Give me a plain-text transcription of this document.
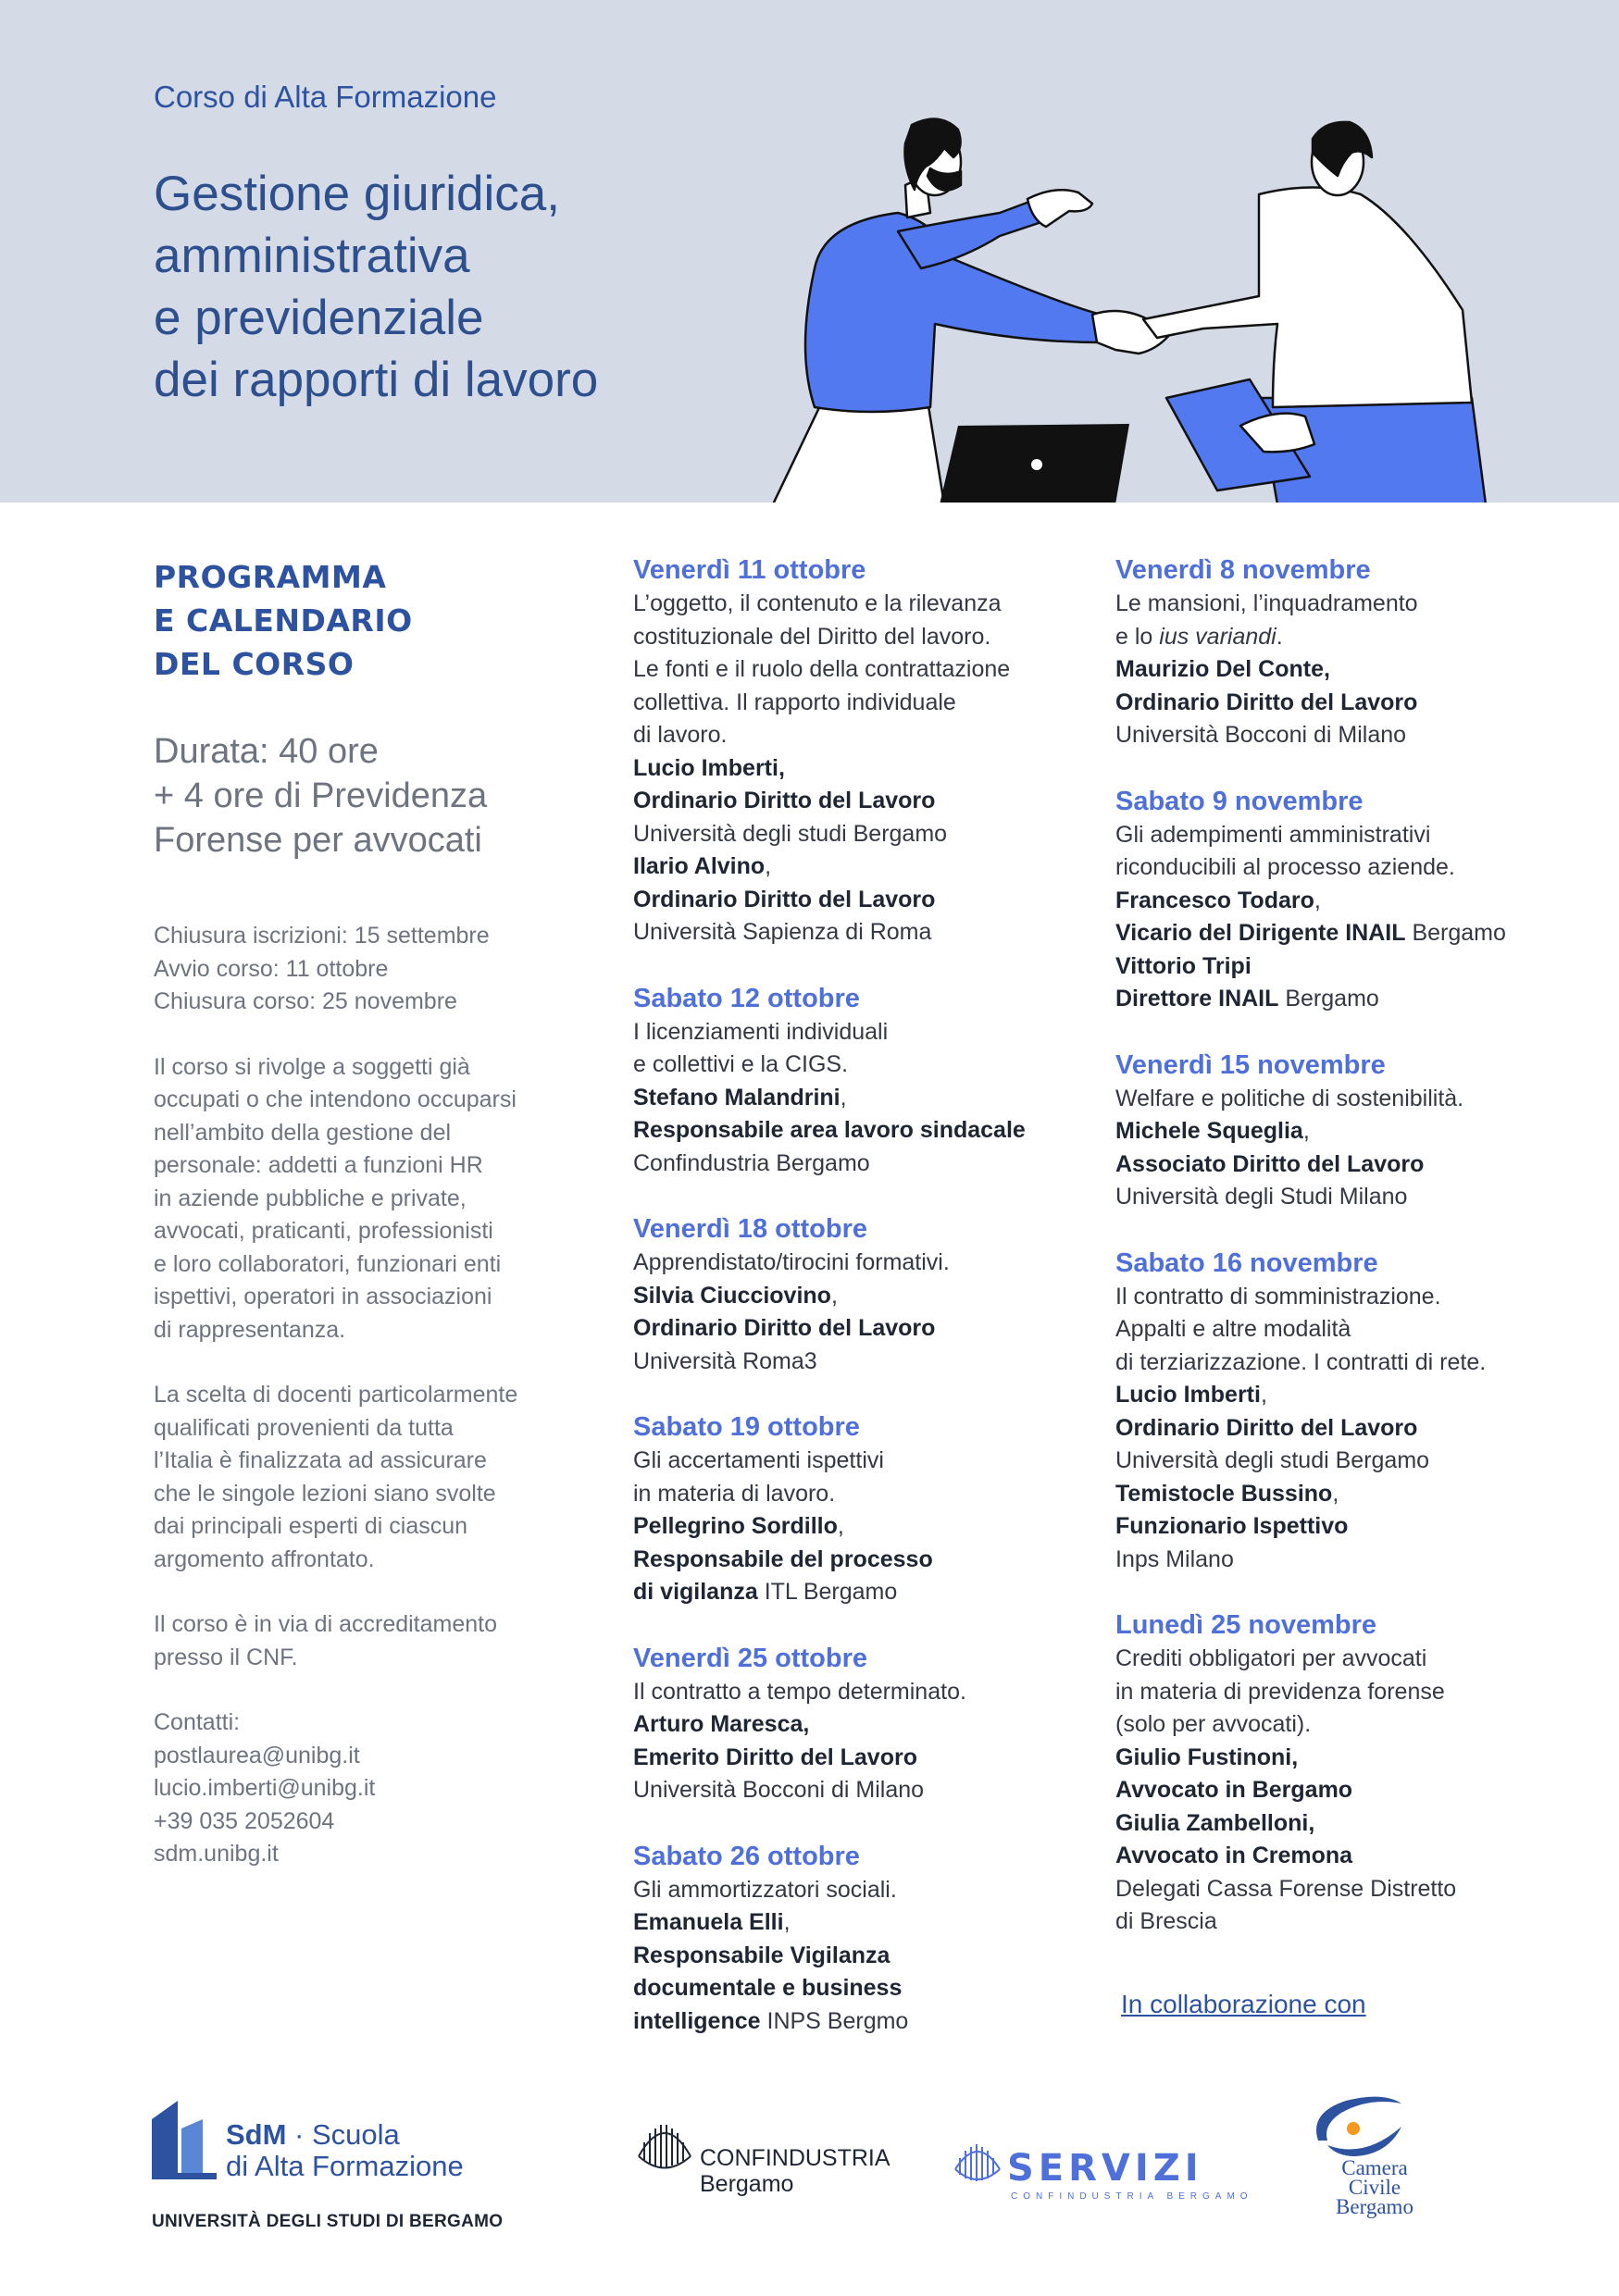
Corso di Alta Formazione
Gestione giuridica,
amministrativa
e previdenziale
dei rapporti di lavoro
PROGRAMMA
E CALENDARIO
DEL CORSO
Durata: 40 ore
+ 4 ore di Previdenza
Forense per avvocati
Chiusura iscrizioni: 15 settembre
Avvio corso: 11 ottobre
Chiusura corso: 25 novembre
Il corso si rivolge a soggetti già
occupati o che intendono occuparsi
nell’ambito della gestione del
personale: addetti a funzioni HR
in aziende pubbliche e private,
avvocati, praticanti, professionisti
e loro collaboratori, funzionari enti
ispettivi, operatori in associazioni
di rappresentanza.
La scelta di docenti particolarmente
qualificati provenienti da tutta
l’Italia è finalizzata ad assicurare
che le singole lezioni siano svolte
dai principali esperti di ciascun
argomento affrontato.
Il corso è in via di accreditamento
presso il CNF.
Contatti:
postlaurea@unibg.it
lucio.imberti@unibg.it
+39 035 2052604
sdm.unibg.it
Venerdì 11 ottobre
L’oggetto, il contenuto e la rilevanza
costituzionale del Diritto del lavoro.
Le fonti e il ruolo della contrattazione
collettiva. Il rapporto individuale
di lavoro.
Lucio Imberti,
Ordinario Diritto del Lavoro
Università degli studi Bergamo
Ilario Alvino,
Ordinario Diritto del Lavoro
Università Sapienza di Roma
Sabato 12 ottobre
I licenziamenti individuali
e collettivi e la CIGS.
Stefano Malandrini,
Responsabile area lavoro sindacale
Confindustria Bergamo
Venerdì 18 ottobre
Apprendistato/tirocini formativi.
Silvia Ciucciovino,
Ordinario Diritto del Lavoro
Università Roma3
Sabato 19 ottobre
Gli accertamenti ispettivi
in materia di lavoro.
Pellegrino Sordillo,
Responsabile del processo
di vigilanza ITL Bergamo
Venerdì 25 ottobre
Il contratto a tempo determinato.
Arturo Maresca,
Emerito Diritto del Lavoro
Università Bocconi di Milano
Sabato 26 ottobre
Gli ammortizzatori sociali.
Emanuela Elli,
Responsabile Vigilanza
documentale e business
intelligence INPS Bergmo
Venerdì 8 novembre
Le mansioni, l’inquadramento
e lo ius variandi.
Maurizio Del Conte,
Ordinario Diritto del Lavoro
Università Bocconi di Milano
Sabato 9 novembre
Gli adempimenti amministrativi
riconducibili al processo aziende.
Francesco Todaro,
Vicario del Dirigente INAIL Bergamo
Vittorio Tripi
Direttore INAIL Bergamo
Venerdì 15 novembre
Welfare e politiche di sostenibilità.
Michele Squeglia,
Associato Diritto del Lavoro
Università degli Studi Milano
Sabato 16 novembre
Il contratto di somministrazione.
Appalti e altre modalità
di terziarizzazione. I contratti di rete.
Lucio Imberti,
Ordinario Diritto del Lavoro
Università degli studi Bergamo
Temistocle Bussino,
Funzionario Ispettivo
Inps Milano
Lunedì 25 novembre
Crediti obbligatori per avvocati
in materia di previdenza forense
(solo per avvocati).
Giulio Fustinoni,
Avvocato in Bergamo
Giulia Zambelloni,
Avvocato in Cremona
Delegati Cassa Forense Distretto
di Brescia
In collaborazione con
SdM · Scuola
di Alta Formazione
UNIVERSITÀ DEGLI STUDI DI BERGAMO
CONFINDUSTRIA
Bergamo	SERVIZI
CONFINDUSTRIA BERGAMO
Camera
Civile
Bergamo
